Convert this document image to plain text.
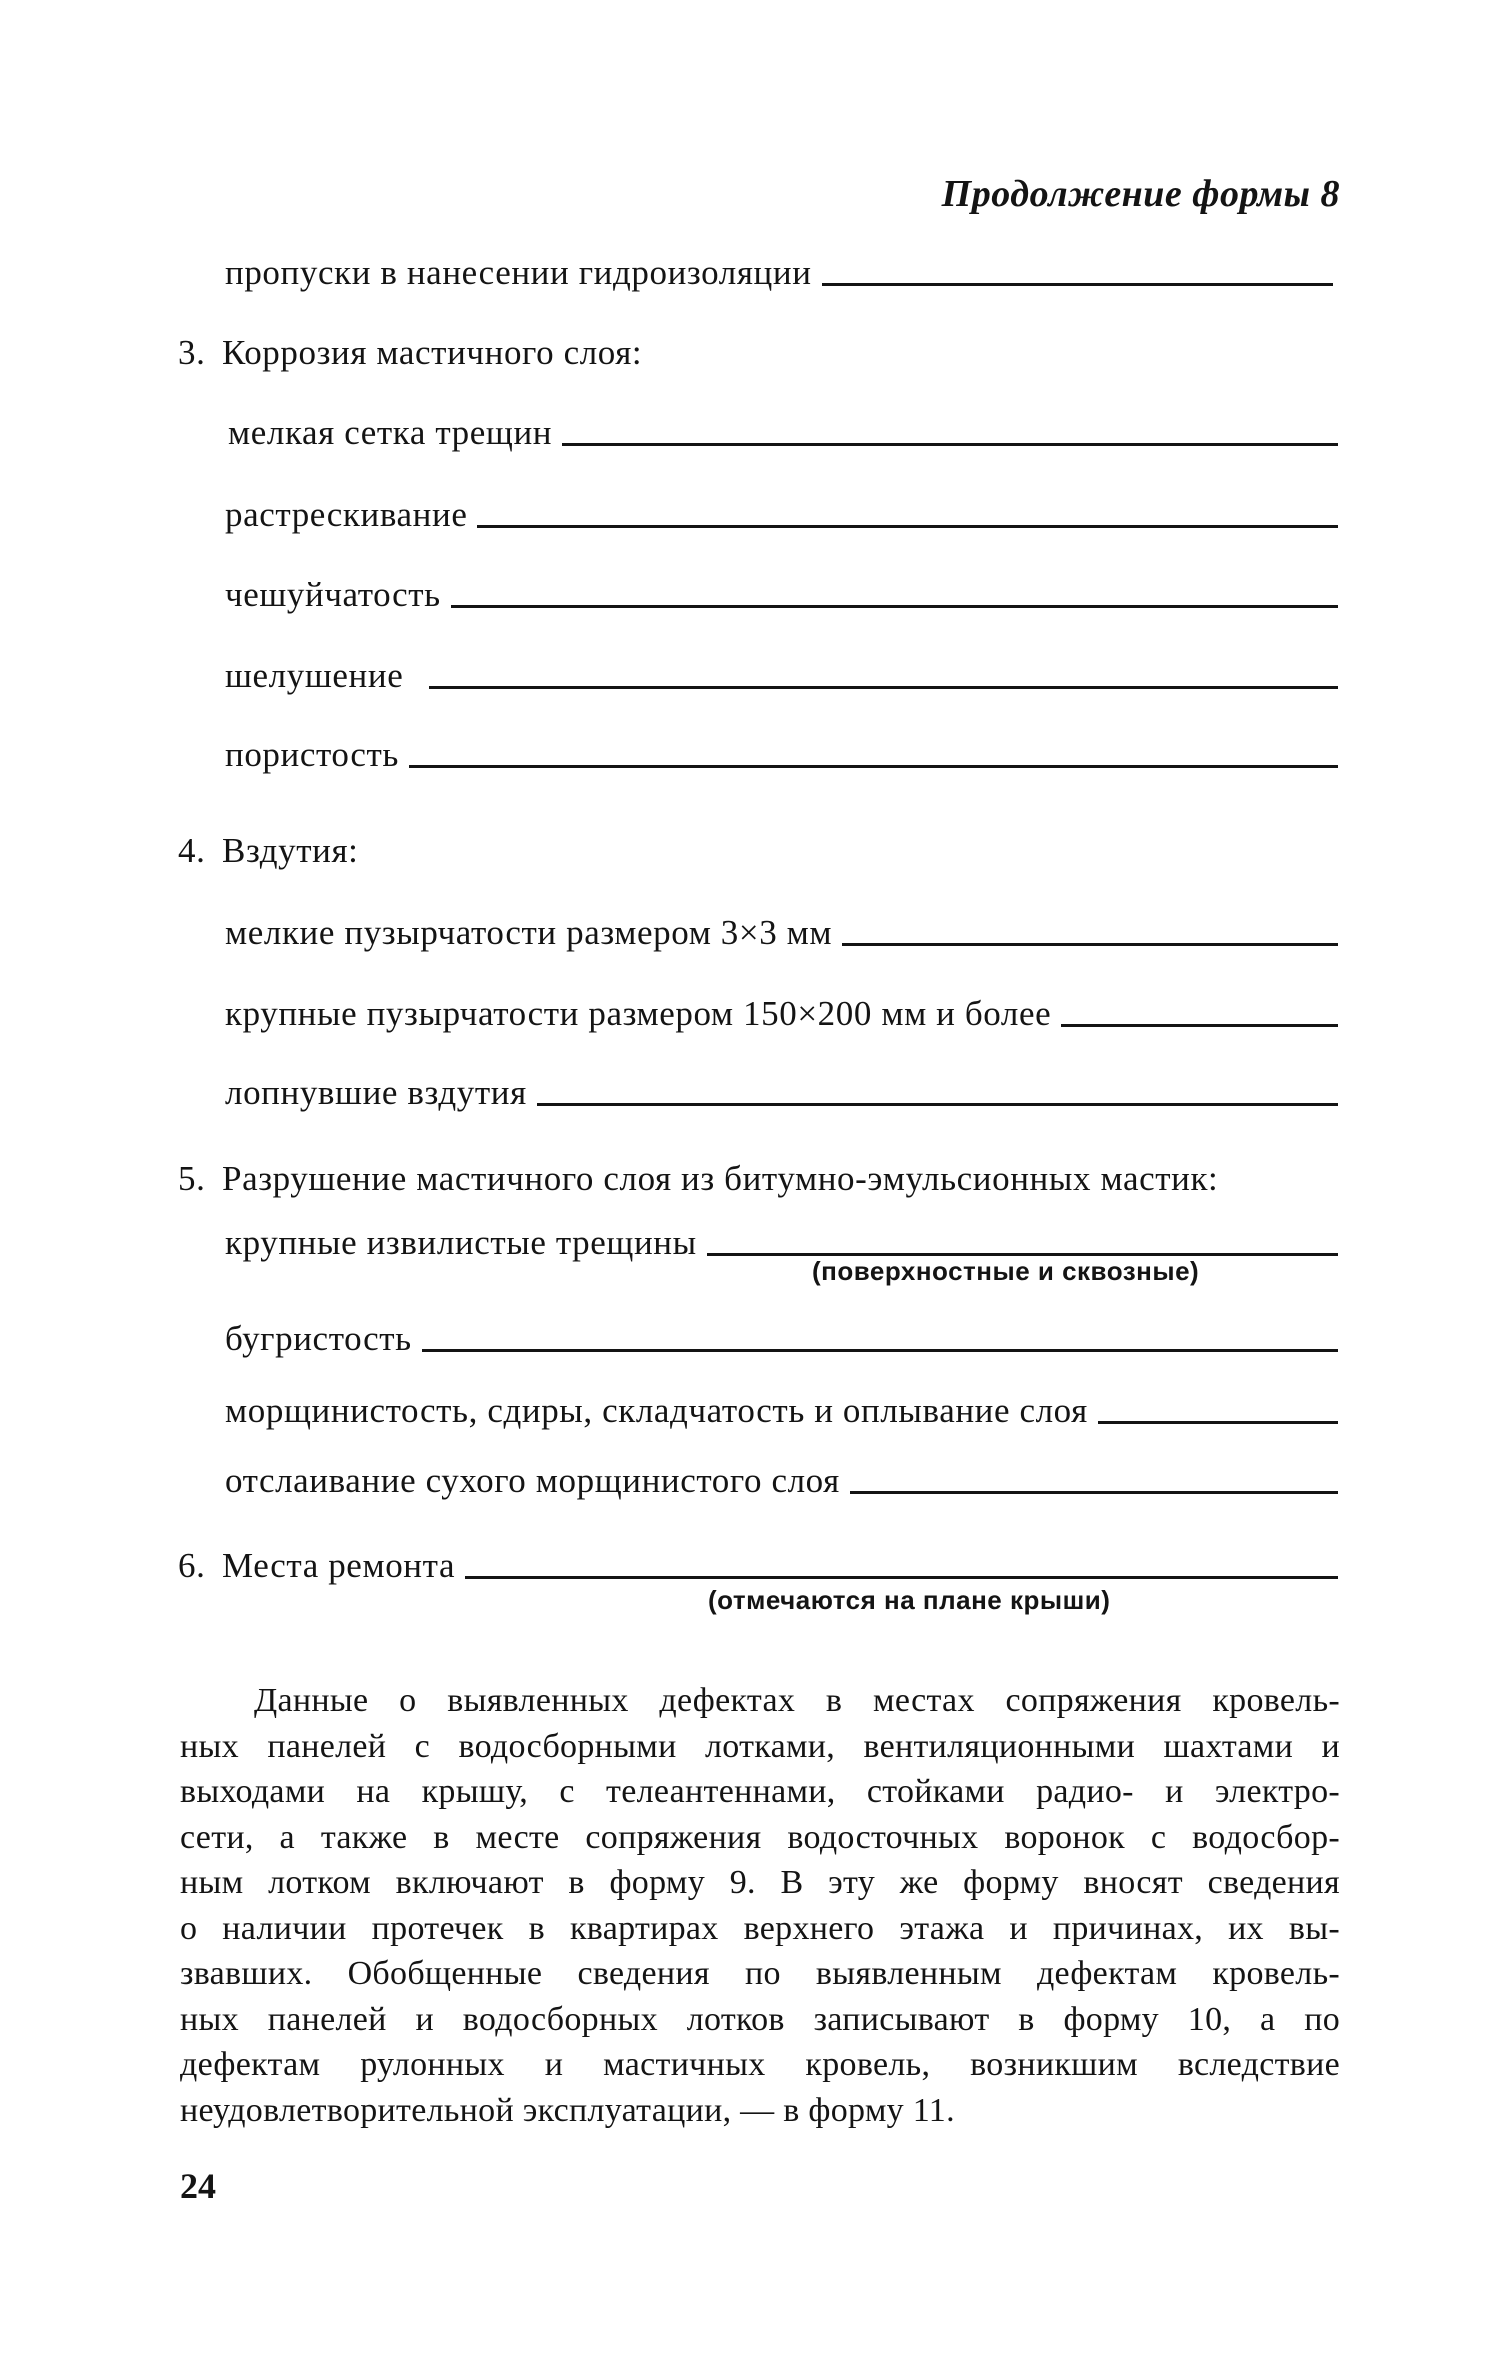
Продолжение формы 8
пропуски в нанесении гидроизоляции
3. Коррозия мастичного слоя:
мелкая сетка трещин
растрескивание
чешуйчатость
шелушение
пористость
4. Вздутия:
мелкие пузырчатости размером 3×3 мм
крупные пузырчатости размером 150×200 мм и более
лопнувшие вздутия
5. Разрушение мастичного слоя из битумно-эмульсионных мастик:
крупные извилистые трещины
(поверхностные и сквозные)
бугристость
морщинистость, сдиры, складчатость и оплывание слоя
отслаивание сухого морщинистого слоя
6. Места ремонта
(отмечаются на плане крыши)
Данные о выявленных дефектах в местах сопряжения кровель-
ных панелей с водосборными лотками, вентиляционными шахтами и
выходами на крышу, с телеантеннами, стойками радио- и электро-
сети, а также в месте сопряжения водосточных воронок с водосбор-
ным лотком включают в форму 9. В эту же форму вносят сведения
о наличии протечек в квартирах верхнего этажа и причинах, их вы-
звавших. Обобщенные сведения по выявленным дефектам кровель-
ных панелей и водосборных лотков записывают в форму 10, а по
дефектам рулонных и мастичных кровель, возникшим вследствие
неудовлетворительной эксплуатации, — в форму 11.
24
